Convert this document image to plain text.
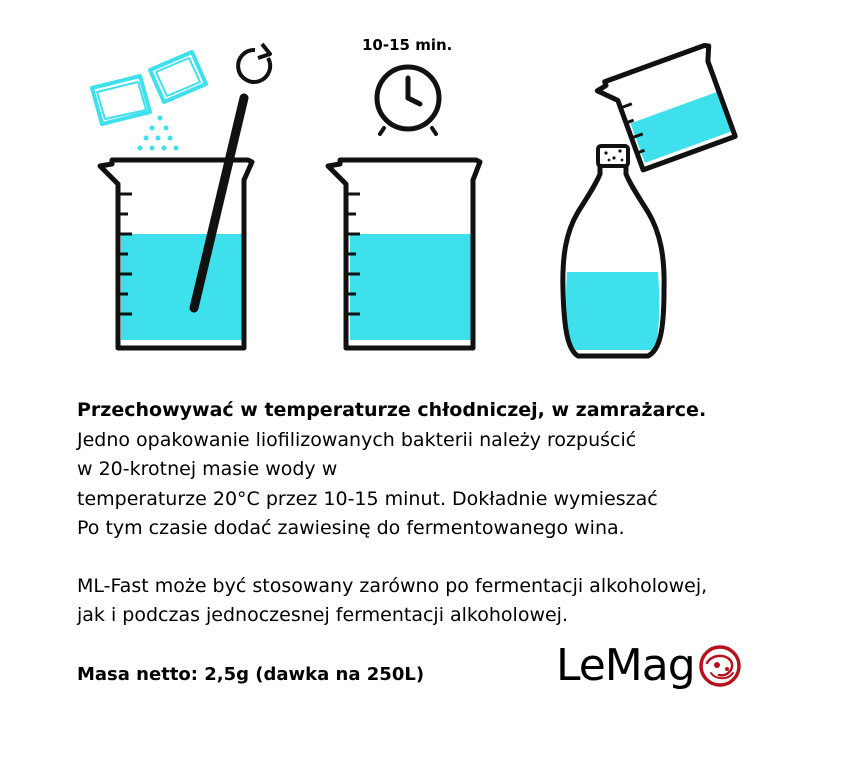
10-15 min.

Przechowywać w temperaturze chłodniczej, w zamrażarce.

Jedno opakowanie liofilizowanych bakterii należy rozpuścić

w 20-krotnej masie wody w

temperaturze 20°C przez 10-15 minut. Dokładnie wymieszać

Po tym czasie dodać zawiesinę do fermentowanego wina.

ML-Fast może być stosowany zarówno po fermentacji alkoholowej,

jak i podczas jednoczesnej fermentacji alkoholowej.

Masa netto: 2,5g (dawka na 250L)	LeMag
